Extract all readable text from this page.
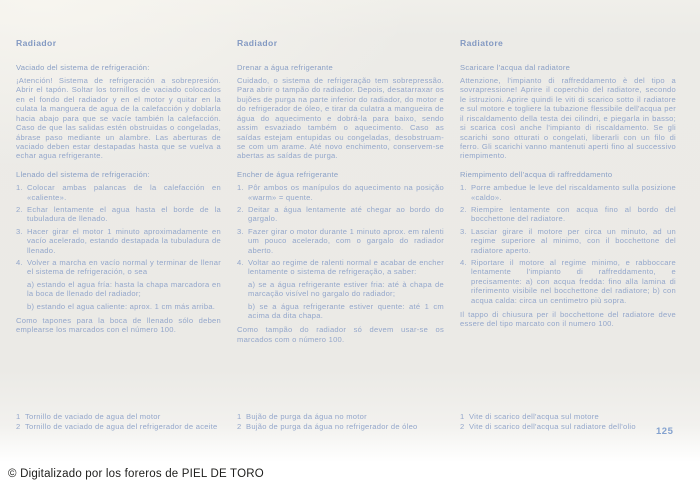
Radiador
Vaciado del sistema de refrigeración:
¡Atención! Sistema de refrigeración a sobrepresión. Abrir el tapón. Soltar los tornillos de vaciado colocados en el fondo del radiador y en el motor y quitar en la culata la manguera de agua de la calefacción y doblarla hacia abajo para que se vacíe también la calefacción. Caso de que las salidas estén obstruidas o congeladas, ábrase paso mediante un alambre. Las aberturas de vaciado deben estar destapadas hasta que se vuelva a echar agua refrigerante.
Llenado del sistema de refrigeración:
1. Colocar ambas palancas de la calefacción en «caliente».
2. Echar lentamente el agua hasta el borde de la tubuladura de llenado.
3. Hacer girar el motor 1 minuto aproximadamente en vacío acelerado, estando destapada la tubuladura de llenado.
4. Volver a marcha en vacío normal y terminar de llenar el sistema de refrigeración, o sea
a) estando el agua fría: hasta la chapa marcadora en la boca de llenado del radiador;
b) estando el agua caliente: aprox. 1 cm más arriba.
Como tapones para la boca de llenado sólo deben emplearse los marcados con el número 100.
Radiador
Drenar a água refrigerante
Cuidado, o sistema de refrigeração tem sobrepressão. Para abrir o tampão do radiador. Depois, desatarraxar os bujões de purga na parte inferior do radiador, do motor e do refrigerador de óleo, e tirar da culatra a mangueira de água do aquecimento e dobrá-la para baixo, sendo assim esvaziado também o aquecimento. Caso as saídas estejam entupidas ou congeladas, desobstruam-se com um arame. Até novo enchimento, conservem-se abertas as saídas de purga.
Encher de água refrigerante
1. Pôr ambos os manípulos do aquecimento na posição «warm» = quente.
2. Deitar a água lentamente até chegar ao bordo do gargalo.
3. Fazer girar o motor durante 1 minuto aprox. em ralenti um pouco acelerado, com o gargalo do radiador aberto.
4. Voltar ao regime de ralenti normal e acabar de encher lentamente o sistema de refrigeração, a saber:
a) se a água refrigerante estiver fria: até à chapa de marcação visível no gargalo do radiador;
b) se a água refrigerante estiver quente: até 1 cm acima da dita chapa.
Como tampão do radiador só devem usar-se os marcados com o número 100.
Radiatore
Scaricare l'acqua dal radiatore
Attenzione, l'impianto di raffreddamento è del tipo a sovrapressione! Aprire il coperchio del radiatore, secondo le istruzioni. Aprire quindi le viti di scarico sotto il radiatore e sul motore e togliere la tubazione flessibile dell'acqua per il riscaldamento della testa dei cilindri, e piegarla in basso; si scarica così anche l'impianto di riscaldamento. Se gli scarichi sono otturati o congelati, liberarli con un filo di ferro. Gli scarichi vanno mantenuti aperti fino al successivo riempimento.
Riempimento dell'acqua di raffreddamento
1. Porre ambedue le leve del riscaldamento sulla posizione «caldo».
2. Riempire lentamente con acqua fino al bordo del bocchettone del radiatore.
3. Lasciar girare il motore per circa un minuto, ad un regime superiore al minimo, con il bocchettone del radiatore aperto.
4. Riportare il motore al regime minimo, e rabboccare lentamente l'impianto di raffreddamento, e precisamente: a) con acqua fredda: fino alla lamina di riferimento visibile nel bocchettone del radiatore; b) con acqua calda: circa un centimetro più sopra.
Il tappo di chiusura per il bocchettone del radiatore deve essere del tipo marcato con il numero 100.
1 Tornillo de vaciado de agua del motor
2 Tornillo de vaciado de agua del refrigerador de aceite
1 Bujão de purga da água no motor
2 Bujão de purga da água no refrigerador de óleo
1 Vite di scarico dell'acqua sul motore
2 Vite di scarico dell'acqua sul radiatore dell'olio	125
© Digitalizado por los foreros de PIEL DE TORO
